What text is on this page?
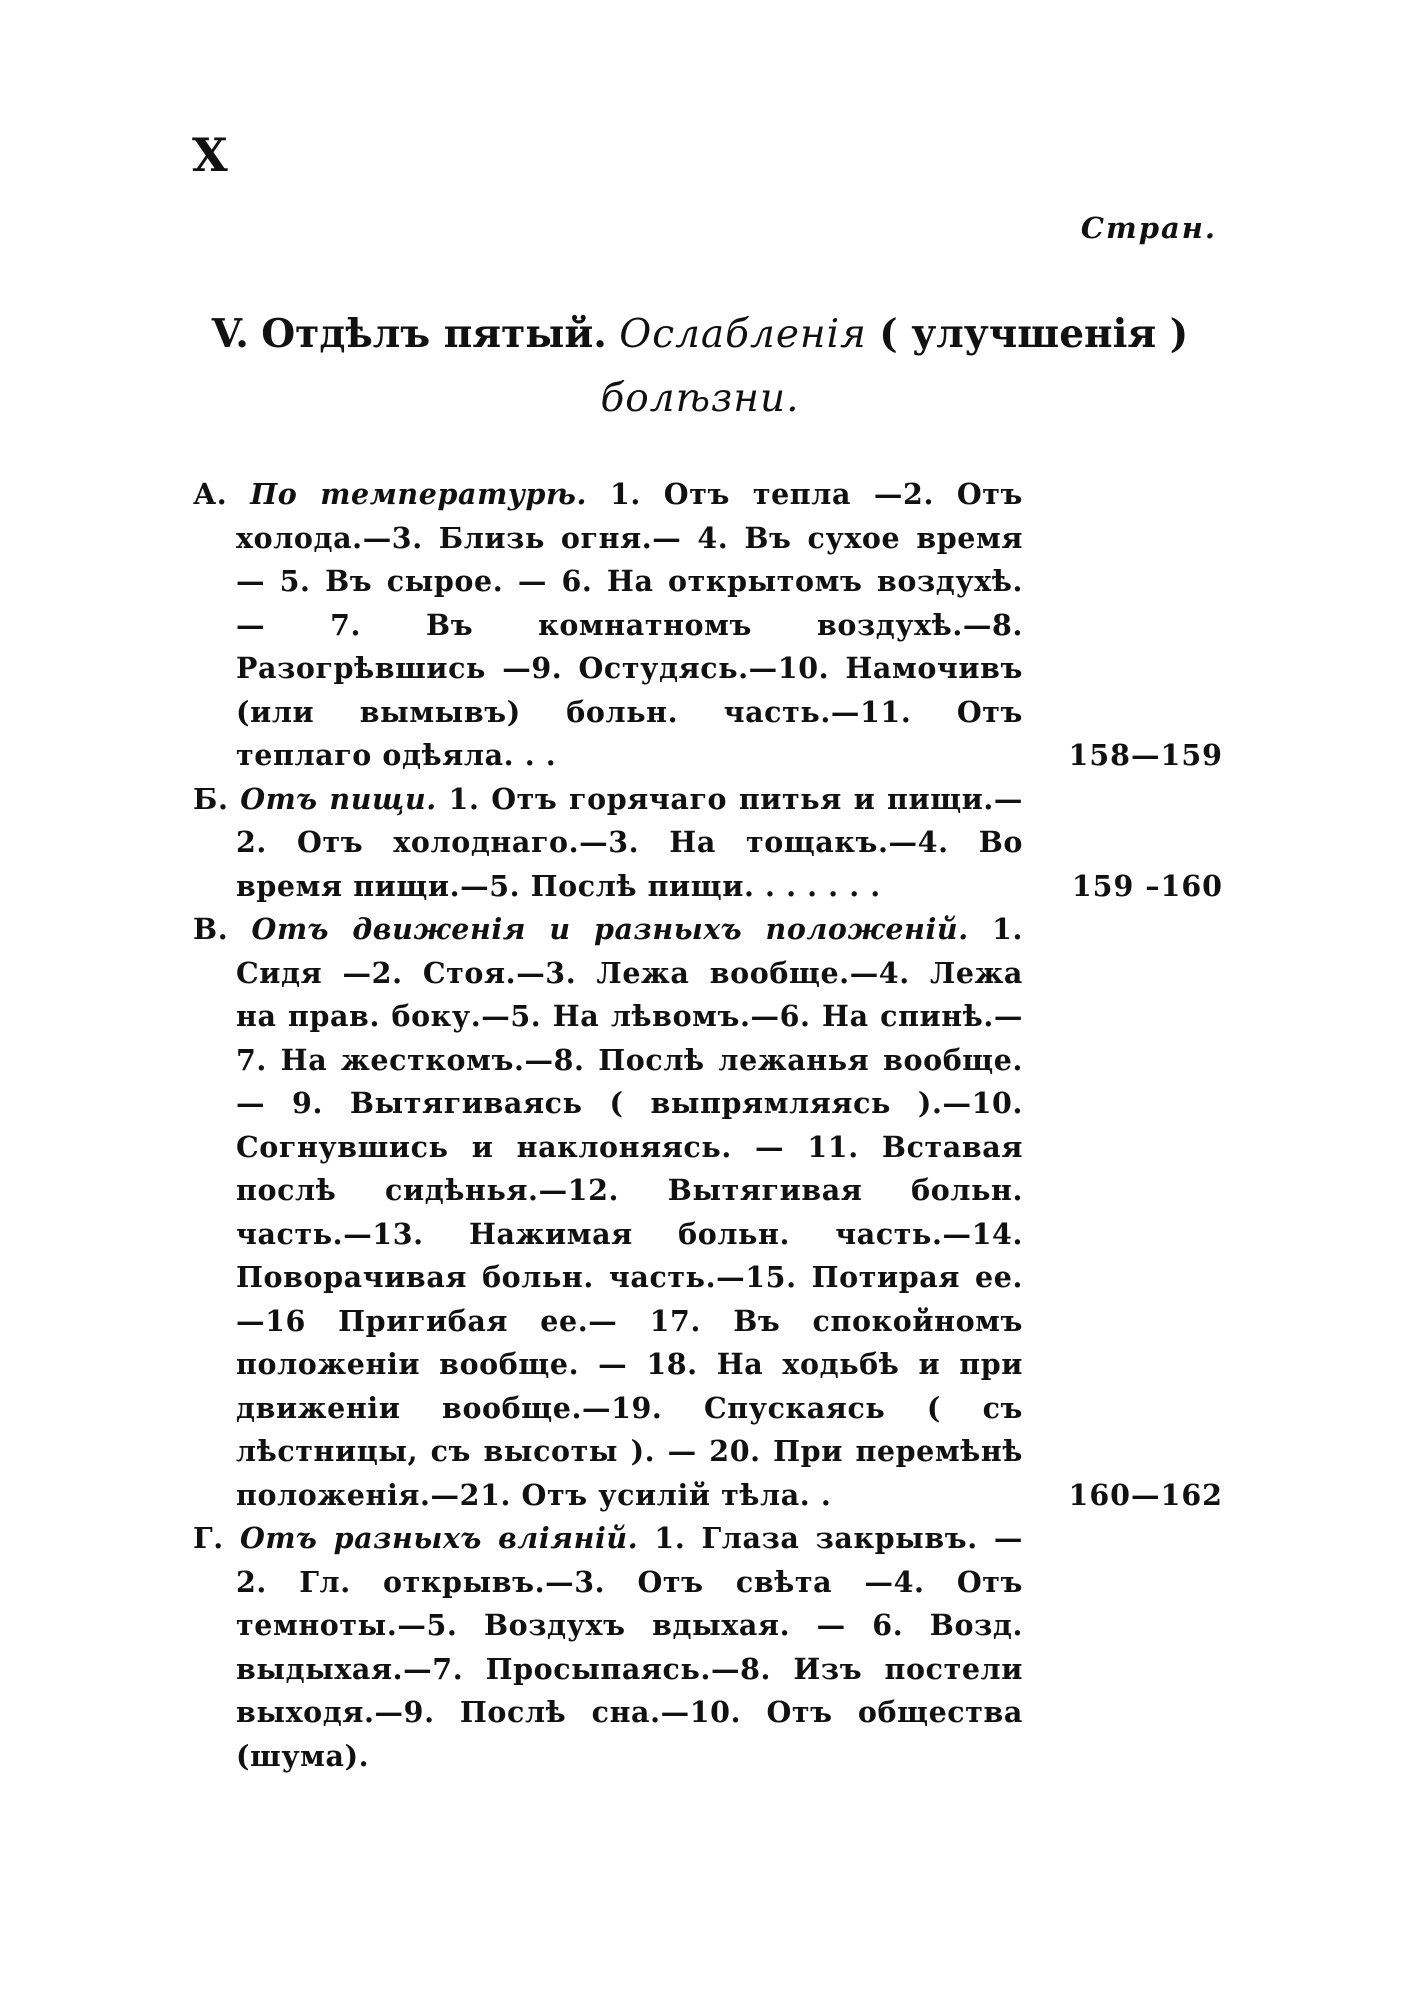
X
Стран.
V. Отдѣлъ пятый. Ослабленія ( улучшенія )
болѣзни.
А. По температурѣ. 1. Отъ тепла —2. Отъ холода.—3. Близь огня.— 4. Въ сухое время — 5. Въ сырое. — 6. На открытомъ воздухѣ. — 7. Въ комнатномъ воздухѣ.—8. Разогрѣвшись —9. Остудясь.—10. Намочивъ (или вымывъ) больн. часть.—11. Отъ теплаго одѣяла. . .	158—159
Б. Отъ пищи. 1. Отъ горячаго питья и пищи.— 2. Отъ холоднаго.—3. На тощакъ.—4. Во время пищи.—5. Послѣ пищи. . . . . . .	159 –160
В. Отъ движенія и разныхъ положеній. 1. Сидя —2. Стоя.—3. Лежа вообще.—4. Лежа на прав. боку.—5. На лѣвомъ.—6. На спинѣ.— 7. На жесткомъ.—8. Послѣ лежанья вообще.— 9. Вытягиваясь ( выпрямляясь ).—10. Согнувшись и наклоняясь. — 11. Вставая послѣ сидѣнья.—12. Вытягивая больн. часть.—13. Нажимая больн. часть.—14. Поворачивая больн. часть.—15. Потирая ее.—16 Пригибая ее.— 17. Въ спокойномъ положеніи вообще. — 18. На ходьбѣ и при движеніи вообще.—19. Спускаясь ( съ лѣстницы, съ высоты ). — 20. При перемѣнѣ положенія.—21. Отъ усилій тѣла. .	160—162
Г. Отъ разныхъ вліяній. 1. Глаза закрывъ. — 2. Гл. открывъ.—3. Отъ свѣта —4. Отъ темноты.—5. Воздухъ вдыхая. — 6. Возд. выдыхая.—7. Просыпаясь.—8. Изъ постели выходя.—9. Послѣ сна.—10. Отъ общества (шума).
